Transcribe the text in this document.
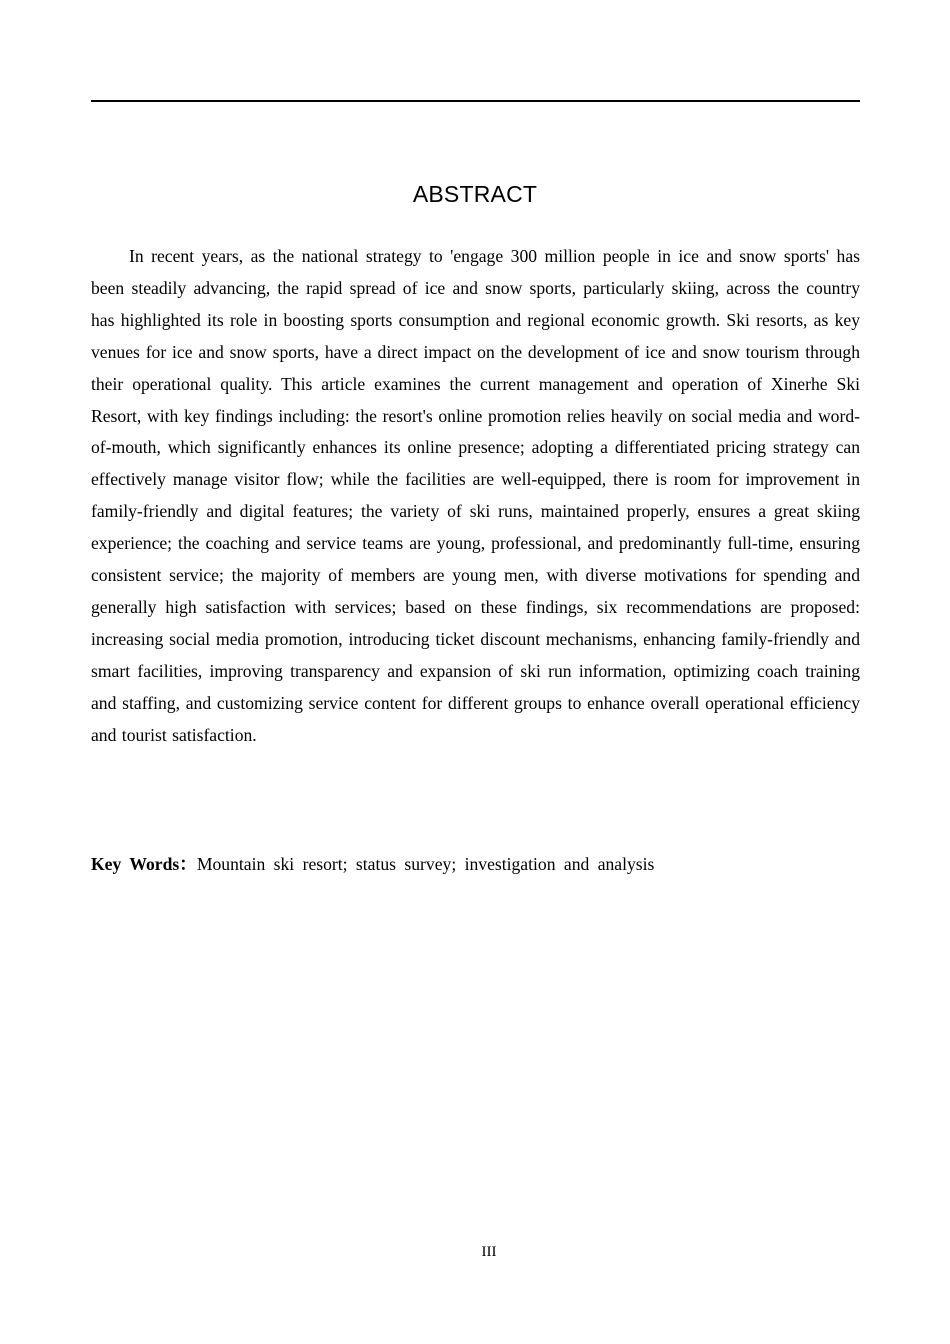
ABSTRACT

In recent years, as the national strategy to 'engage 300 million people in ice and snow sports' has been steadily advancing, the rapid spread of ice and snow sports, particularly skiing, across the country has highlighted its role in boosting sports consumption and regional economic growth. Ski resorts, as key venues for ice and snow sports, have a direct impact on the development of ice and snow tourism through their operational quality. This article examines the current management and operation of Xinerhe Ski Resort, with key findings including: the resort's online promotion relies heavily on social media and word-of-mouth, which significantly enhances its online presence; adopting a differentiated pricing strategy can effectively manage visitor flow; while the facilities are well-equipped, there is room for improvement in family-friendly and digital features; the variety of ski runs, maintained properly, ensures a great skiing experience; the coaching and service teams are young, professional, and predominantly full-time, ensuring consistent service; the majority of members are young men, with diverse motivations for spending and generally high satisfaction with services; based on these findings, six recommendations are proposed: increasing social media promotion, introducing ticket discount mechanisms, enhancing family-friendly and smart facilities, improving transparency and expansion of ski run information, optimizing coach training and staffing, and customizing service content for different groups to enhance overall operational efficiency and tourist satisfaction.

Key Words：Mountain ski resort; status survey; investigation and analysis

III
